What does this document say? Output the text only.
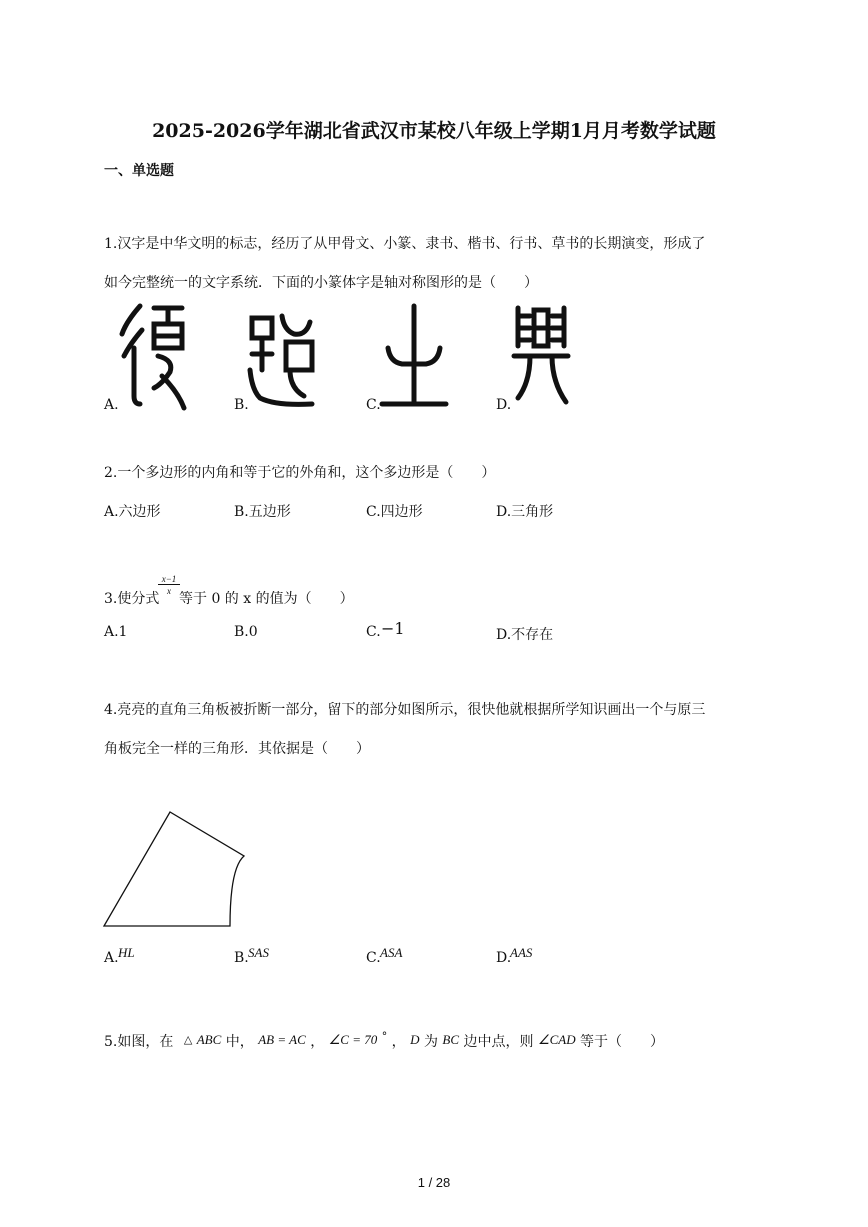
2025-2026学年湖北省武汉市某校八年级上学期1月月考数学试题
一、单选题
1.汉字是中华文明的标志，经历了从甲骨文、小篆、隶书、楷书、行书、草书的长期演变，形成了
如今完整统一的文字系统．下面的小篆体字是轴对称图形的是（　　）
A.	B.	C.	D.
2.一个多边形的内角和等于它的外角和，这个多边形是（　　）
A.六边形	B.五边形	C.四边形	D.三角形
3.使分式
x−1
x 等于 0 的 x 的值为（　　）
A.1	B.0	C. −1	D.不存在
4.亮亮的直角三角板被折断一部分，留下的部分如图所示，很快他就根据所学知识画出一个与原三
角板完全一样的三角形．其依据是（　　）
A. HL	B. SAS	C. ASA	D.
AAS
5.如图，在 △ ABC 中， AB = AC ， ∠C = 70 ° ， D 为 BC 边中点，则 ∠CAD 等于（　　）
1 / 28
